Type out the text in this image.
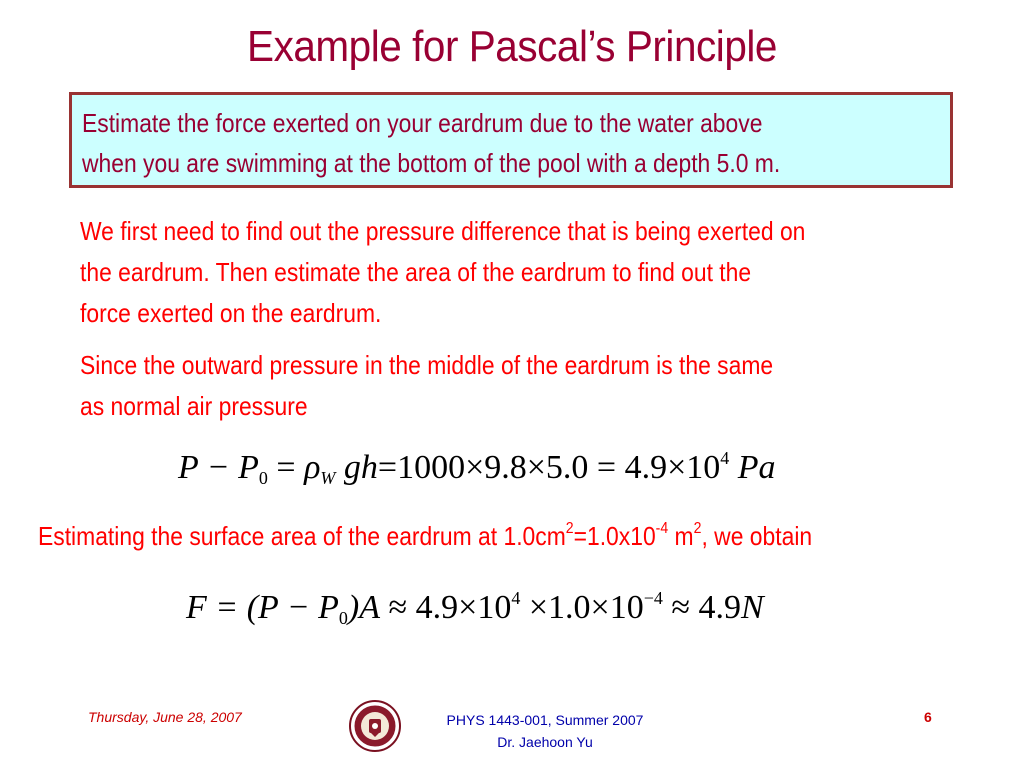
Example for Pascal’s Principle
Estimate the force exerted on your eardrum due to the water above
when you are swimming at the bottom of the pool with a depth 5.0 m.
We first need to find out the pressure difference that is being exerted on
the eardrum. Then estimate the area of the eardrum to find out the
force exerted on the eardrum.
Since the outward pressure in the middle of the eardrum is the same
as normal air pressure
$P - P_0 = \rho_W$ $gh=1000\times 9.8\times 5.0 = 4.9\times 10^4$ Pa
Estimating the surface area of the eardrum at $1.0cm^2=1.0x10^{-4}$ $m^2$, we obtain
$F = (P - P_0)A \approx 4.9\times 10^4 \times 1.0\times 10^{-4} \approx 4.9N$
Thursday, June 28, 2007	PHYS 1443-001, Summer 2007
Dr. Jaehoon Yu
6
